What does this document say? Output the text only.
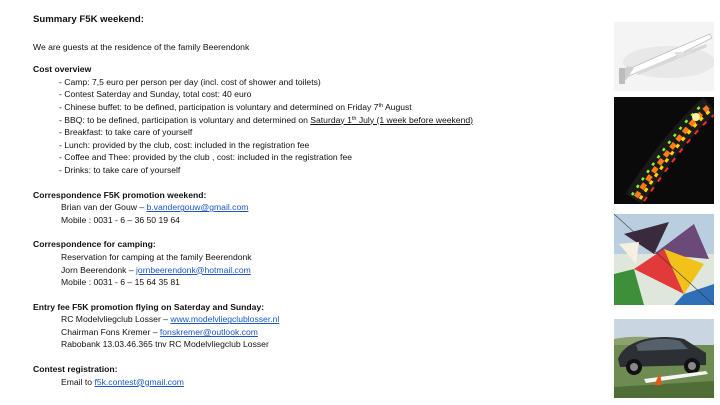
Summary F5K weekend:
We are guests at the residence of the family Beerendonk
Cost overview
- Camp: 7,5 euro per person per day (incl. cost of shower and toilets)
- Contest Saterday and Sunday, total cost: 40 euro
- Chinese buffet: to be defined, participation is voluntary and determined on Friday 7th August
- BBQ: to be defined, participation is voluntary and determined on Saturday 1th July (1 week before weekend)
- Breakfast: to take care of yourself
- Lunch: provided by the club, cost: included in the registration fee
- Coffee and Thee: provided by the club , cost: included in the registration fee
- Drinks: to take care of yourself
Correspondence F5K promotion weekend:
Brian van der Gouw – b.vandergouw@gmail.com
Mobile : 0031 - 6 – 36 50 19 64
Correspondence for camping:
Reservation for camping at the family Beerendonk
Jorn Beerendonk – jornbeerendonk@hotmail.com
Mobile : 0031 - 6 – 15 64 35 81
Entry fee F5K promotion flying on Saterday and Sunday:
RC Modelvliegclub Losser – www.modelvliegclublosser.nl
Chairman Fons Kremer – fonskremer@outlook.com
Rabobank 13.03.46.365 tnv RC Modelvliegclub Losser
Contest registration:
Email to f5k.contest@gmail.com
